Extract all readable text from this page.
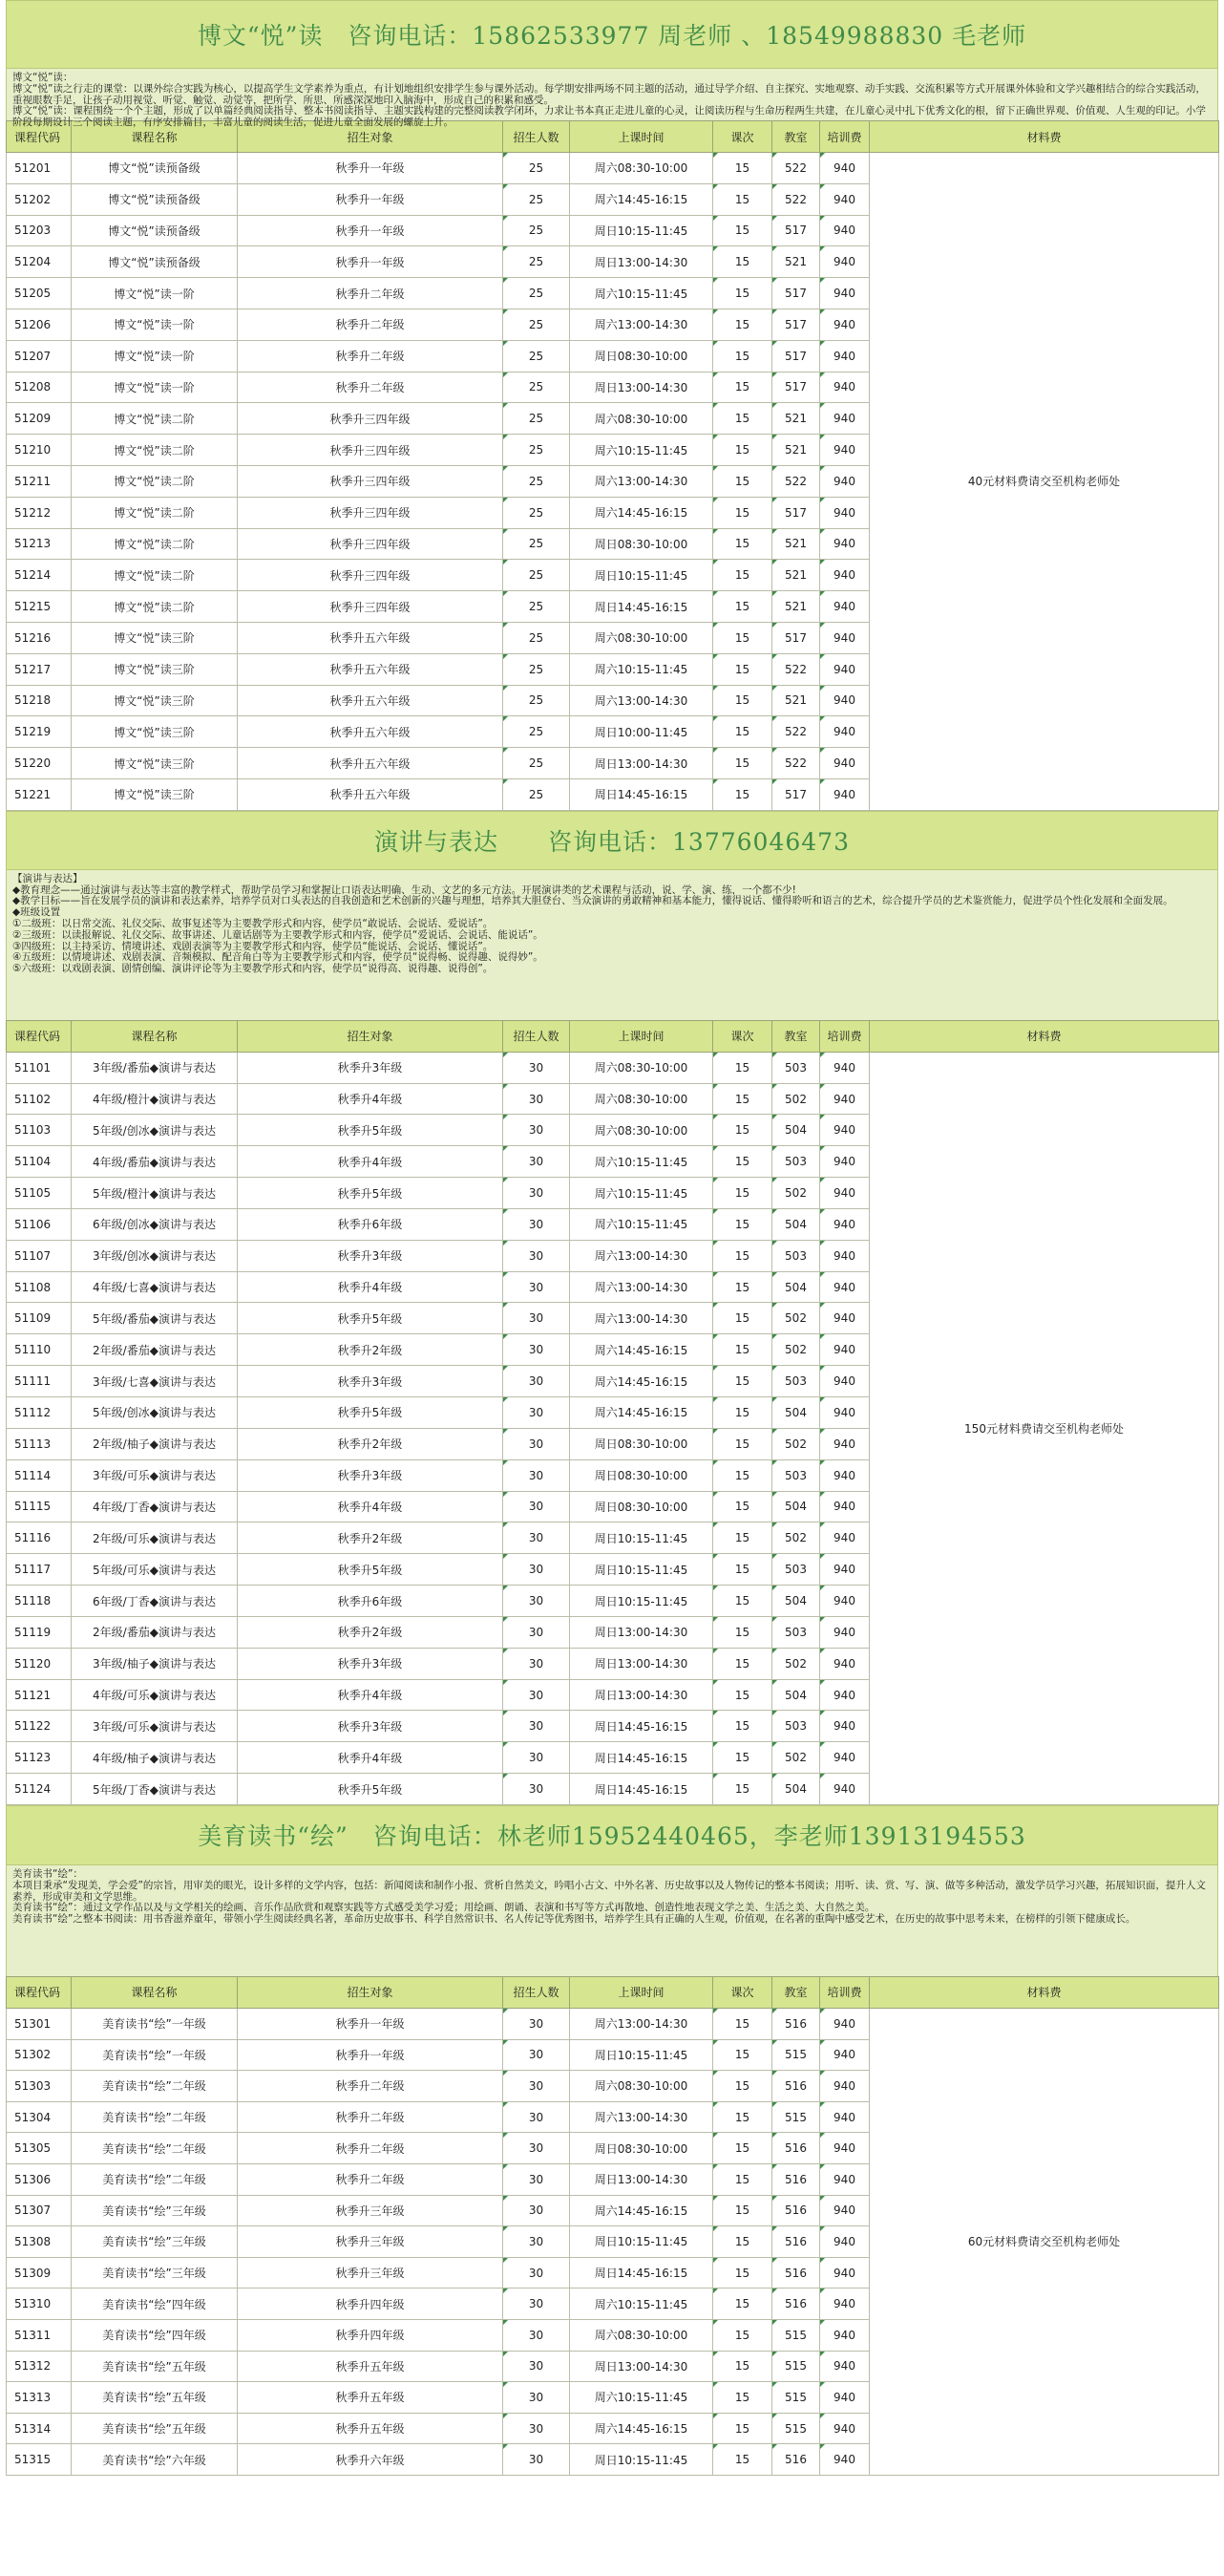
博文“悦”读　咨询电话：15862533977 周老师 、18549988830 毛老师
博文“悦”读：
博文“悦”读之行走的课堂：以课外综合实践为核心，以提高学生文学素养为重点，有计划地组织安排学生参与课外活动。每学期安排两场不同主题的活动，通过导学介绍、自主探究、实地观察、动手实践、交流积累等方式开展课外体验和文学兴趣相结合的综合实践活动，重视眼数手足，让孩子动用视觉、听觉、触觉、动觉等，把所学、所思、所感深深地印入脑海中，形成自己的积累和感受。
博文“悦”读：课程围绕一个个主题，形成了以单篇经典阅读指导、整本书阅读指导、主题实践构建的完整阅读教学闭环，力求让书本真正走进儿童的心灵，让阅读历程与生命历程两生共建，在儿童心灵中扎下优秀文化的根，留下正确世界观、价值观、人生观的印记。小学阶段每期设计三个阅读主题，有序安排篇目，丰富儿童的阅读生活，促进儿童全面发展的螺旋上升。
课程代码	课程名称	招生对象	招生人数	上课时间	课次	教室	培训费	材料费
51201	博文“悦”读预备级	秋季升一年级	25	周六08:30-10:00	15	522	940	40元材料费请交至机构老师处
51202	博文“悦”读预备级	秋季升一年级	25	周六14:45-16:15	15	522	940	
51203	博文“悦”读预备级	秋季升一年级	25	周日10:15-11:45	15	517	940	
51204	博文“悦”读预备级	秋季升一年级	25	周日13:00-14:30	15	521	940	
51205	博文“悦”读一阶	秋季升二年级	25	周六10:15-11:45	15	517	940	
51206	博文“悦”读一阶	秋季升二年级	25	周六13:00-14:30	15	517	940	
51207	博文“悦”读一阶	秋季升二年级	25	周日08:30-10:00	15	517	940	
51208	博文“悦”读一阶	秋季升二年级	25	周日13:00-14:30	15	517	940	
51209	博文“悦”读二阶	秋季升三四年级	25	周六08:30-10:00	15	521	940	
51210	博文“悦”读二阶	秋季升三四年级	25	周六10:15-11:45	15	521	940	
51211	博文“悦”读二阶	秋季升三四年级	25	周六13:00-14:30	15	522	940	
51212	博文“悦”读二阶	秋季升三四年级	25	周六14:45-16:15	15	517	940	
51213	博文“悦”读二阶	秋季升三四年级	25	周日08:30-10:00	15	521	940	
51214	博文“悦”读二阶	秋季升三四年级	25	周日10:15-11:45	15	521	940	
51215	博文“悦”读二阶	秋季升三四年级	25	周日14:45-16:15	15	521	940	
51216	博文“悦”读三阶	秋季升五六年级	25	周六08:30-10:00	15	517	940	
51217	博文“悦”读三阶	秋季升五六年级	25	周六10:15-11:45	15	522	940	
51218	博文“悦”读三阶	秋季升五六年级	25	周六13:00-14:30	15	521	940	
51219	博文“悦”读三阶	秋季升五六年级	25	周日10:00-11:45	15	522	940	
51220	博文“悦”读三阶	秋季升五六年级	25	周日13:00-14:30	15	522	940	
51221	博文“悦”读三阶	秋季升五六年级	25	周日14:45-16:15	15	517	940	
演讲与表达　　咨询电话：13776046473
【演讲与表达】
◆教育理念——通过演讲与表达等丰富的教学样式，帮助学员学习和掌握让口语表达明确、生动、文艺的多元方法。开展演讲类的艺术课程与活动，说、学、演、练，一个都不少!
◆教学目标——旨在发展学员的演讲和表达素养，培养学员对口头表达的自我创造和艺术创新的兴趣与理想，培养其大胆登台、当众演讲的勇敢精神和基本能力，懂得说话、懂得聆听和语言的艺术，综合提升学员的艺术鉴赏能力，促进学员个性化发展和全面发展。
◆班级设置
①二级班：以日常交流、礼仪交际、故事复述等为主要教学形式和内容，使学员“敢说话、会说话、爱说话”。
②三级班：以读报解说、礼仪交际、故事讲述、儿童话剧等为主要教学形式和内容，使学员“爱说话、会说话、能说话”。
③四级班：以主持采访、情境讲述、戏剧表演等为主要教学形式和内容，使学员“能说话、会说话、懂说话”。
④五级班：以情境讲述、戏剧表演、音频模拟、配音角白等为主要教学形式和内容，使学员“说得畅、说得趣、说得妙”。
⑤六级班：以戏剧表演、剧情创编、演讲评论等为主要教学形式和内容，使学员“说得高、说得趣、说得创”。
课程代码	课程名称	招生对象	招生人数	上课时间	课次	教室	培训费	材料费
51101	3年级/番茄◆演讲与表达	秋季升3年级	30	周六08:30-10:00	15	503	940	150元材料费请交至机构老师处
51102	4年级/橙汁◆演讲与表达	秋季升4年级	30	周六08:30-10:00	15	502	940	
51103	5年级/创冰◆演讲与表达	秋季升5年级	30	周六08:30-10:00	15	504	940	
51104	4年级/番茄◆演讲与表达	秋季升4年级	30	周六10:15-11:45	15	503	940	
51105	5年级/橙汁◆演讲与表达	秋季升5年级	30	周六10:15-11:45	15	502	940	
51106	6年级/创冰◆演讲与表达	秋季升6年级	30	周六10:15-11:45	15	504	940	
51107	3年级/创冰◆演讲与表达	秋季升3年级	30	周六13:00-14:30	15	503	940	
51108	4年级/七喜◆演讲与表达	秋季升4年级	30	周六13:00-14:30	15	504	940	
51109	5年级/番茄◆演讲与表达	秋季升5年级	30	周六13:00-14:30	15	502	940	
51110	2年级/番茄◆演讲与表达	秋季升2年级	30	周六14:45-16:15	15	502	940	
51111	3年级/七喜◆演讲与表达	秋季升3年级	30	周六14:45-16:15	15	503	940	
51112	5年级/创冰◆演讲与表达	秋季升5年级	30	周六14:45-16:15	15	504	940	
51113	2年级/柚子◆演讲与表达	秋季升2年级	30	周日08:30-10:00	15	502	940	
51114	3年级/可乐◆演讲与表达	秋季升3年级	30	周日08:30-10:00	15	503	940	
51115	4年级/丁香◆演讲与表达	秋季升4年级	30	周日08:30-10:00	15	504	940	
51116	2年级/可乐◆演讲与表达	秋季升2年级	30	周日10:15-11:45	15	502	940	
51117	5年级/可乐◆演讲与表达	秋季升5年级	30	周日10:15-11:45	15	503	940	
51118	6年级/丁香◆演讲与表达	秋季升6年级	30	周日10:15-11:45	15	504	940	
51119	2年级/番茄◆演讲与表达	秋季升2年级	30	周日13:00-14:30	15	503	940	
51120	3年级/柚子◆演讲与表达	秋季升3年级	30	周日13:00-14:30	15	502	940	
51121	4年级/可乐◆演讲与表达	秋季升4年级	30	周日13:00-14:30	15	504	940	
51122	3年级/可乐◆演讲与表达	秋季升3年级	30	周日14:45-16:15	15	503	940	
51123	4年级/柚子◆演讲与表达	秋季升4年级	30	周日14:45-16:15	15	502	940	
51124	5年级/丁香◆演讲与表达	秋季升5年级	30	周日14:45-16:15	15	504	940	
美育读书“绘”　咨询电话：林老师15952440465，李老师13913194553
美育读书“绘”：
本项目秉承“发现美，学会爱”的宗旨，用审美的眼光，设计多样的文学内容，包括：新闻阅读和制作小报、赏析自然美文，吟唱小古文、中外名著、历史故事以及人物传记的整本书阅读；用听、读、赏、写、演、做等多种活动，激发学员学习兴趣，拓展知识面，提升人文素养，形成审美和文学思维。
美育读书“绘”：通过文学作品以及与文学相关的绘画、音乐作品欣赏和观察实践等方式感受美学习爱；用绘画、朗诵、表演和书写等方式再散地、创造性地表现文学之美、生活之美、大自然之美。
美育读书“绘”之整本书阅读：用书香滋养童年，带领小学生阅读经典名著，革命历史故事书、科学自然常识书、名人传记等优秀图书，培养学生具有正确的人生观，价值观，在名著的重陶中感受艺术，在历史的故事中思考未来，在榜样的引领下健康成长。
课程代码	课程名称	招生对象	招生人数	上课时间	课次	教室	培训费	材料费
51301	美育读书“绘”一年级	秋季升一年级	30	周六13:00-14:30	15	516	940	60元材料费请交至机构老师处
51302	美育读书“绘”一年级	秋季升一年级	30	周日10:15-11:45	15	515	940	
51303	美育读书“绘”二年级	秋季升二年级	30	周六08:30-10:00	15	516	940	
51304	美育读书“绘”二年级	秋季升二年级	30	周六13:00-14:30	15	515	940	
51305	美育读书“绘”二年级	秋季升二年级	30	周日08:30-10:00	15	516	940	
51306	美育读书“绘”二年级	秋季升二年级	30	周日13:00-14:30	15	516	940	
51307	美育读书“绘”三年级	秋季升三年级	30	周六14:45-16:15	15	516	940	
51308	美育读书“绘”三年级	秋季升三年级	30	周日10:15-11:45	15	516	940	
51309	美育读书“绘”三年级	秋季升三年级	30	周日14:45-16:15	15	516	940	
51310	美育读书“绘”四年级	秋季升四年级	30	周六10:15-11:45	15	516	940	
51311	美育读书“绘”四年级	秋季升四年级	30	周六08:30-10:00	15	515	940	
51312	美育读书“绘”五年级	秋季升五年级	30	周日13:00-14:30	15	515	940	
51313	美育读书“绘”五年级	秋季升五年级	30	周六10:15-11:45	15	515	940	
51314	美育读书“绘”五年级	秋季升五年级	30	周六14:45-16:15	15	515	940	
51315	美育读书“绘”六年级	秋季升六年级	30	周日10:15-11:45	15	516	940	
